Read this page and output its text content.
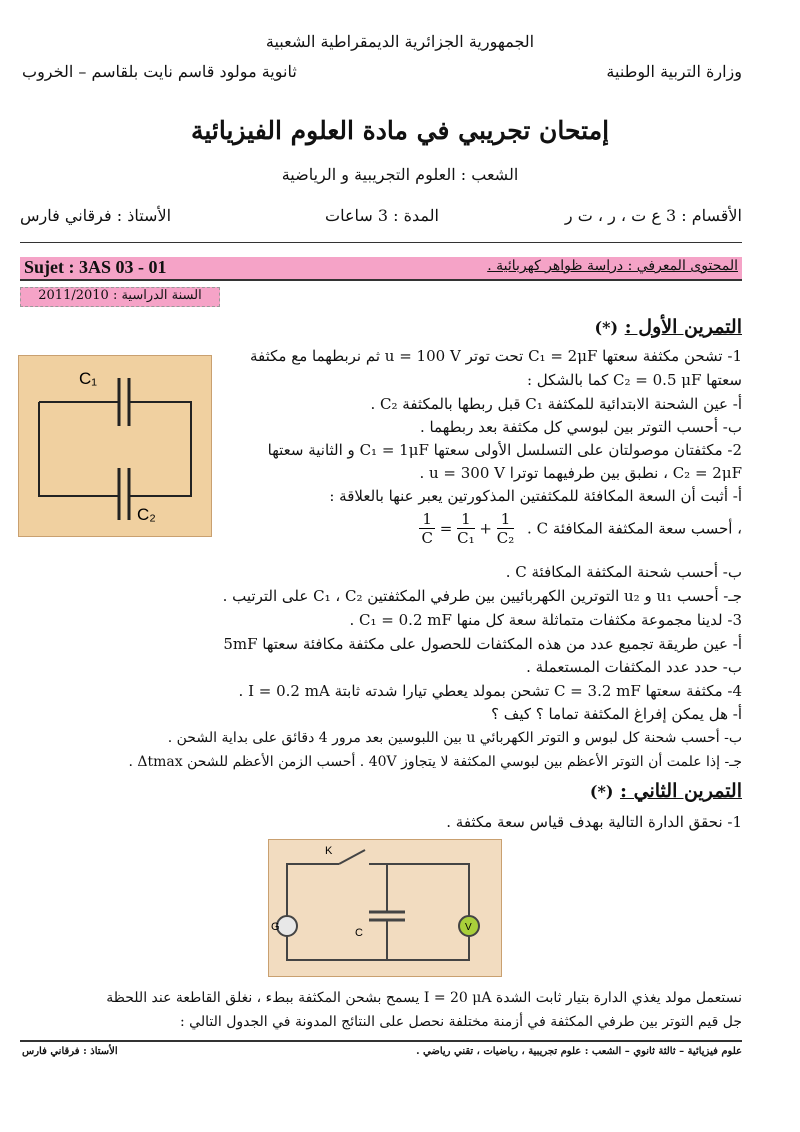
الجمهورية الجزائرية الديمقراطية الشعبية
وزارة التربية الوطنية
ثانوية مولود قاسم نايت بلقاسم – الخروب
إمتحان تجريبي في مادة العلوم الفيزيائية
الشعب : العلوم التجريبية و الرياضية
الأقسام : 3 ع ت ، ر ، ت ر
المدة : 3 ساعات
الأستاذ : فرقاني فارس
Sujet : 3AS 03 - 01	المحتوى المعرفي : دراسة ظواهر كهربائية .
السنة الدراسية : 2011/2010
التمرين الأول : (*)
C₁
C₂
1- تشحن مكثفة سعتها C₁ = 2μF تحت توتر u = 100 V ثم نربطهما مع مكثفة
سعتها C₂ = 0.5 μF كما بالشكل :
أ- عين الشحنة الابتدائية للمكثفة C₁ قبل ربطها بالمكثفة C₂ .
ب- أحسب التوتر بين لبوسي كل مكثفة بعد ربطهما .
2- مكثفتان موصولتان على التسلسل الأولى سعتها C₁ = 1μF و الثانية سعتها
C₂ = 2μF ، نطبق بين طرفيهما توترا u = 300 V .
أ- أثبت أن السعة المكافئة للمكثفتين المذكورتين يعبر عنها بالعلاقة :
، أحسب سعة المكثفة المكافئة C .
$\frac{1}{C} = \frac{1}{\text{C₁}} + \frac{1}{\text{C₂}}$
ب- أحسب شحنة المكثفة المكافئة C .
جـ- أحسب u₁ و u₂ التوترين الكهربائيين بين طرفي المكثفتين C₁ ، C₂ على الترتيب .
3- لدينا مجموعة مكثفات متماثلة سعة كل منها C₁ = 0.2 mF .
أ- عين طريقة تجميع عدد من هذه المكثفات للحصول على مكثفة مكافئة سعتها 5mF
ب- حدد عدد المكثفات المستعملة .
4- مكثفة سعتها C = 3.2 mF تشحن بمولد يعطي تيارا شدته ثابتة I = 0.2 mA .
أ- هل يمكن إفراغ المكثفة تماما ؟ كيف ؟
ب- أحسب شحنة كل لبوس و التوتر الكهربائي u بين اللبوسين بعد مرور 4 دقائق على بداية الشحن .
جـ- إذا علمت أن التوتر الأعظم بين لبوسي المكثفة لا يتجاوز 40V . أحسب الزمن الأعظم للشحن Δtmax .
التمرين الثاني : (*)
1- نحقق الدارة التالية بهدف قياس سعة مكثفة .
K
G	C	V
نستعمل مولد يغذي الدارة بتيار ثابت الشدة I = 20 μA يسمح بشحن المكثفة ببطء ، نغلق القاطعة عند اللحظة
جل قيم التوتر بين طرفي المكثفة في أزمنة مختلفة نحصل على النتائج المدونة في الجدول التالي :
علوم فيزيائية – ثالثة ثانوي – الشعب : علوم تجريبية ، رياضيات ، تقني رياضي .
الأستاذ : فرقاني فارس
